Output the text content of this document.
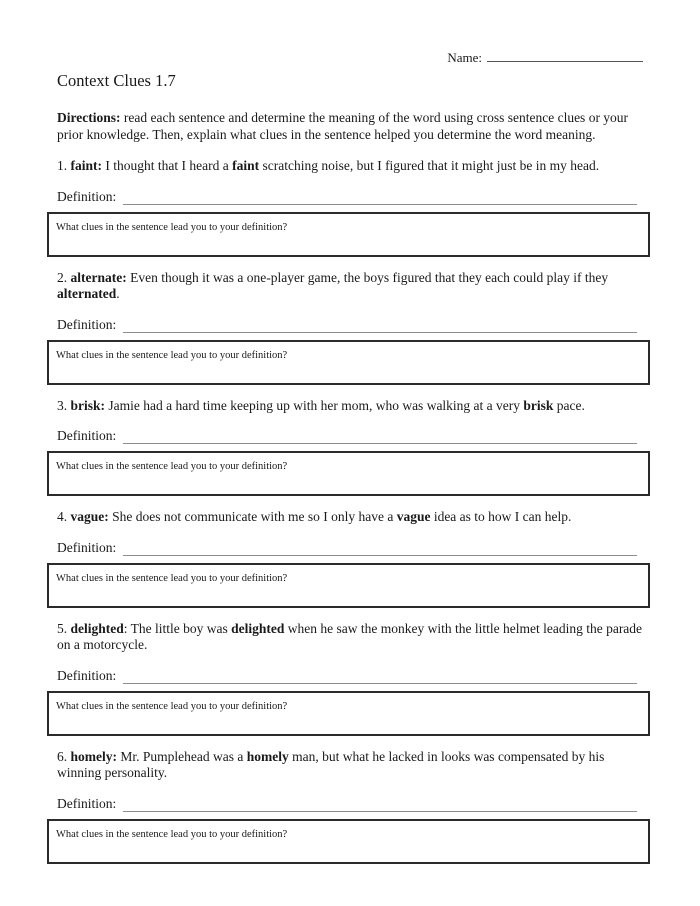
Name:
Context Clues 1.7

Directions: read each sentence and determine the meaning of the word using cross sentence clues or your prior knowledge. Then, explain what clues in the sentence helped you determine the word meaning.

1. faint: I thought that I heard a faint scratching noise, but I figured that it might just be in my head.

Definition:
What clues in the sentence lead you to your definition?

2. alternate: Even though it was a one-player game, the boys figured that they each could play if they alternated.

Definition:
What clues in the sentence lead you to your definition?

3. brisk: Jamie had a hard time keeping up with her mom, who was walking at a very brisk pace.

Definition:
What clues in the sentence lead you to your definition?

4. vague: She does not communicate with me so I only have a vague idea as to how I can help.

Definition:
What clues in the sentence lead you to your definition?

5. delighted: The little boy was delighted when he saw the monkey with the little helmet leading the parade on a motorcycle.

Definition:
What clues in the sentence lead you to your definition?

6. homely: Mr. Pumplehead was a homely man, but what he lacked in looks was compensated by his winning personality.

Definition:
What clues in the sentence lead you to your definition?
